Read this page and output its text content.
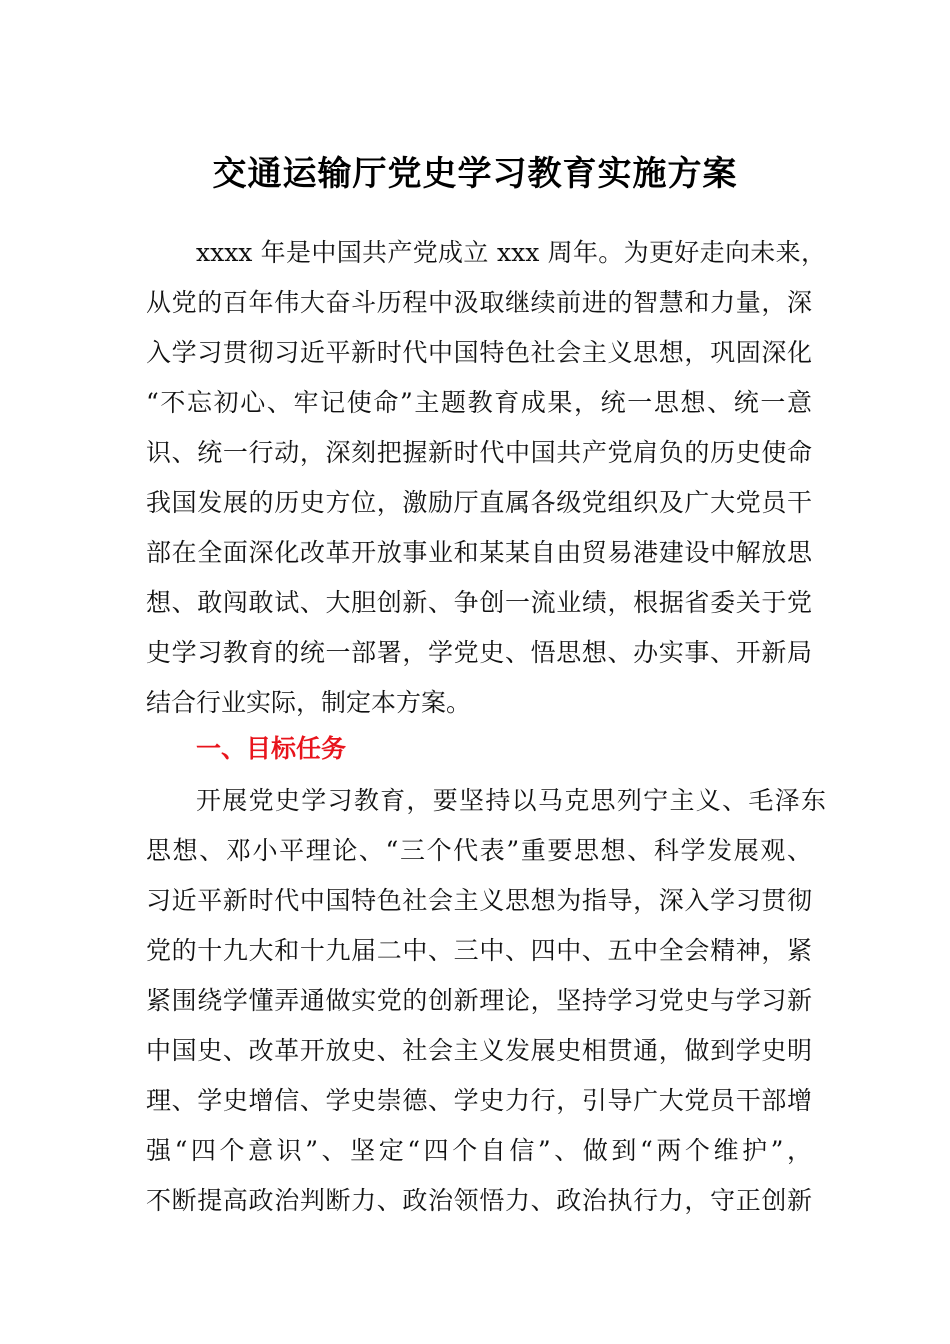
交通运输厅党史学习教育实施方案
xxxx 年是中国共产党成立 xxx 周年。为更好走向未来，
从党的百年伟大奋斗历程中汲取继续前进的智慧和力量，深
入学习贯彻习近平新时代中国特色社会主义思想，巩固深化
“不忘初心、牢记使命”主题教育成果，统一思想、统一意
识、统一行动，深刻把握新时代中国共产党肩负的历史使命
我国发展的历史方位，激励厅直属各级党组织及广大党员干
部在全面深化改革开放事业和某某自由贸易港建设中解放思
想、敢闯敢试、大胆创新、争创一流业绩，根据省委关于党
史学习教育的统一部署，学党史、悟思想、办实事、开新局
结合行业实际，制定本方案。
一、目标任务
开展党史学习教育，要坚持以马克思列宁主义、毛泽东
思想、邓小平理论、“三个代表”重要思想、科学发展观、
习近平新时代中国特色社会主义思想为指导，深入学习贯彻
党的十九大和十九届二中、三中、四中、五中全会精神，紧
紧围绕学懂弄通做实党的创新理论，坚持学习党史与学习新
中国史、改革开放史、社会主义发展史相贯通，做到学史明
理、学史增信、学史崇德、学史力行，引导广大党员干部增
强“四个意识”、坚定“四个自信”、做到“两个维护”，
不断提高政治判断力、政治领悟力、政治执行力，守正创新
